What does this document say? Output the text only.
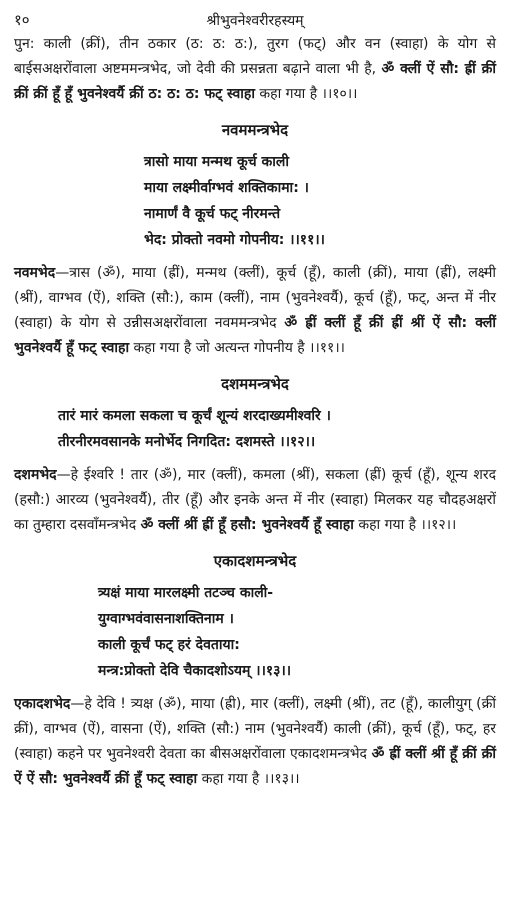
१०	श्रीभुवनेश्वरीरहस्यम्

पुन: काली (क्रीं), तीन ठकार (ठ: ठ: ठ:), तुरग (फट्) और वन (स्वाहा) के योग से बाईसअक्षरोंवाला अष्टममन्त्रभेद, जो देवी की प्रसन्नता बढ़ाने वाला भी है, ॐ क्लीं ऐं सौ: ह्रीं क्रीं क्रीं क्रीं हूँ हूँ भुवनेश्वर्यै क्रीं ठ: ठ: ठ: फट् स्वाहा कहा गया है ।।१०।।

नवममन्त्रभेद
त्रासो माया मन्मथ कूर्च काली
माया लक्ष्मीर्वाग्भवं शक्तिकामा: ।
नामार्णं वै कूर्च फट् नीरमन्ते
भेद: प्रोक्तो नवमो गोपनीय: ।।११।।

नवमभेद—त्रास (ॐ), माया (ह्रीं), मन्मथ (क्लीं), कूर्च (हूँ), काली (क्रीं), माया (ह्रीं), लक्ष्मी (श्रीं), वाग्भव (ऐं), शक्ति (सौ:), काम (क्लीं), नाम (भुवनेश्वर्यै), कूर्च (हूँ), फट्, अन्त में नीर (स्वाहा) के योग से उन्नीसअक्षरोंवाला नवममन्त्रभेद ॐ ह्रीं क्लीं हूँ क्रीं ह्रीं श्रीं ऐं सौ: क्लीं भुवनेश्वर्यै हूँ फट् स्वाहा कहा गया है जो अत्यन्त गोपनीय है ।।११।।

दशममन्त्रभेद
तारं मारं कमला सकला च कूर्चं शून्यं शरदाख्यमीश्वरि ।
तीरनीरमवसानके मनोर्भेद निगदित: दशमस्ते ।।१२।।

दशमभेद—हे ईश्वरि ! तार (ॐ), मार (क्लीं), कमला (श्रीं), सकला (ह्रीं) कूर्च (हूँ), शून्य शरद (हसौ:) आरव्य (भुवनेश्वर्यै), तीर (हूँ) और इनके अन्त में नीर (स्वाहा) मिलकर यह चौदहअक्षरों का तुम्हारा दसवाँमन्त्रभेद ॐ क्लीं श्रीं ह्रीं हूँ हसौ: भुवनेश्वर्यै हूँ स्वाहा कहा गया है ।।१२।।

एकादशमन्त्रभेद
त्र्यक्षं माया मारलक्ष्मी तटञ्च काली-
युग्वाग्भवंवासनाशक्तिनाम ।
काली कूर्चं फट् हरं देवताया:
मन्त्र:प्रोक्तो देवि चैकादशोऽयम् ।।१३।।

एकादशभेद—हे देवि ! त्र्यक्ष (ॐ), माया (ह्री), मार (क्लीं), लक्ष्मी (श्रीं), तट (हूँ), कालीयुग् (क्रीं क्रीं), वाग्भव (ऐं), वासना (ऐं), शक्ति (सौ:) नाम (भुवनेश्वर्यै) काली (क्रीं), कूर्च (हूँ), फट्, हर (स्वाहा) कहने पर भुवनेश्वरी देवता का बीसअक्षरोंवाला एकादशमन्त्रभेद ॐ ह्रीं क्लीं श्रीं हूँ क्रीं क्रीं ऐं ऐं सौ: भुवनेश्वर्यै क्रीं हूँ फट् स्वाहा कहा गया है ।।१३।।
